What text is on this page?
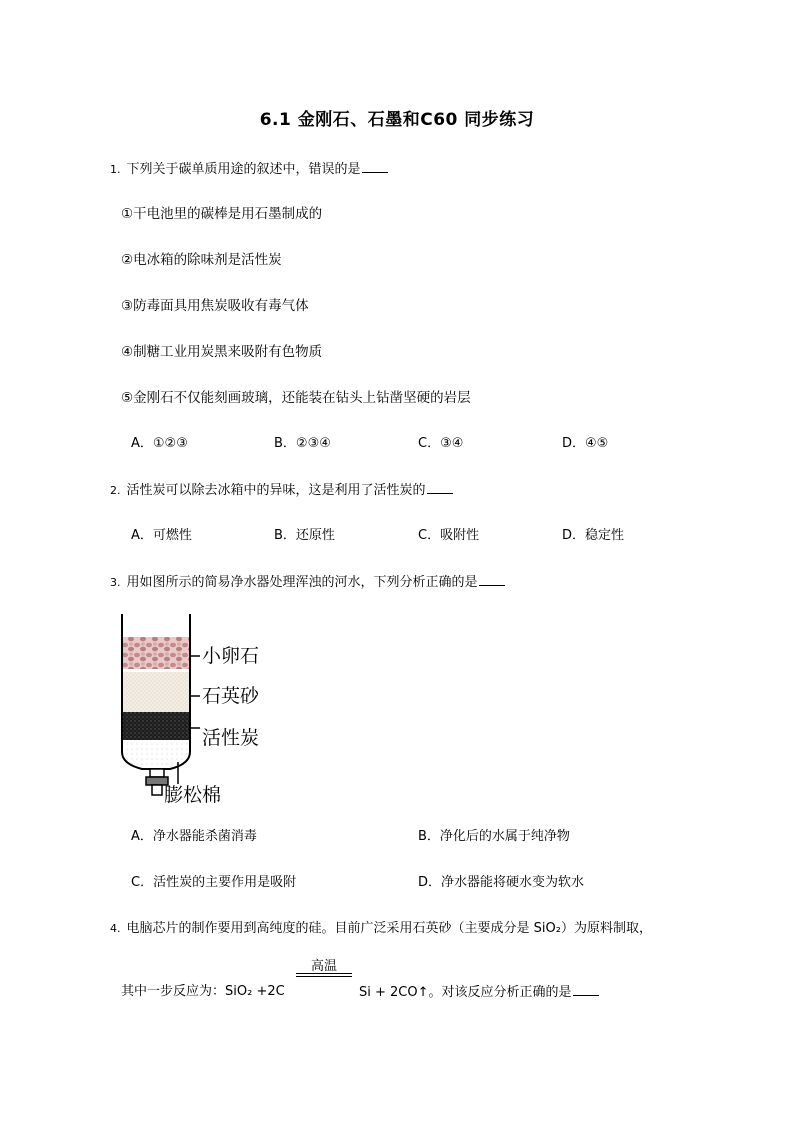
6.1 金刚石、石墨和C60 同步练习
1. 下列关于碳单质用途的叙述中，错误的是
①干电池里的碳棒是用石墨制成的
②电冰箱的除味剂是活性炭
③防毒面具用焦炭吸收有毒气体
④制糖工业用炭黑来吸附有色物质
⑤金刚石不仅能刻画玻璃，还能装在钻头上钻凿坚硬的岩层
A．①②③	B．②③④	C．③④	D．④⑤
2. 活性炭可以除去冰箱中的异味，这是利用了活性炭的
A．可燃性	B．还原性	C．吸附性	D．稳定性
3. 用如图所示的简易净水器处理浑浊的河水，下列分析正确的是
小卵石
石英砂
活性炭
膨松棉
A．净水器能杀菌消毒	B．净化后的水属于纯净物
C．活性炭的主要作用是吸附	D．净水器能将硬水变为软水
4. 电脑芯片的制作要用到高纯度的硅。目前广泛采用石英砂（主要成分是 SiO₂）为原料制取，
高温
其中一步反应为：SiO₂ +2C	Si + 2CO↑。对该反应分析正确的是
